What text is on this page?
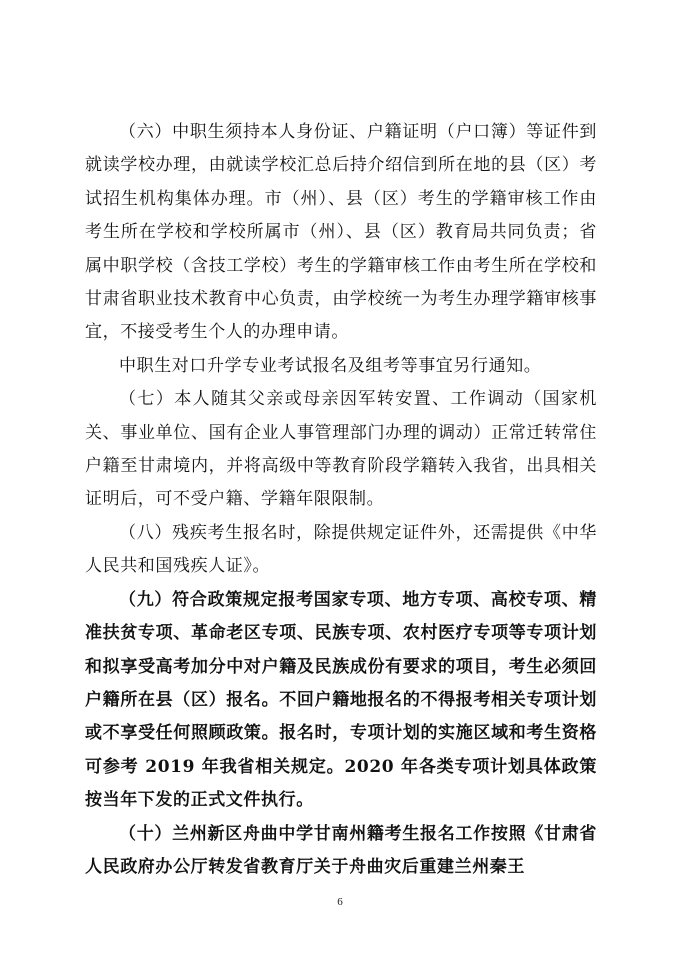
（六）中职生须持本人身份证、户籍证明（户口簿）等证件到就读学校办理，由就读学校汇总后持介绍信到所在地的县（区）考试招生机构集体办理。市（州）、县（区）考生的学籍审核工作由考生所在学校和学校所属市（州）、县（区）教育局共同负责；省属中职学校（含技工学校）考生的学籍审核工作由考生所在学校和甘肃省职业技术教育中心负责，由学校统一为考生办理学籍审核事宜，不接受考生个人的办理申请。

中职生对口升学专业考试报名及组考等事宜另行通知。

（七）本人随其父亲或母亲因军转安置、工作调动（国家机关、事业单位、国有企业人事管理部门办理的调动）正常迁转常住户籍至甘肃境内，并将高级中等教育阶段学籍转入我省，出具相关证明后，可不受户籍、学籍年限限制。

（八）残疾考生报名时，除提供规定证件外，还需提供《中华人民共和国残疾人证》。

（九）符合政策规定报考国家专项、地方专项、高校专项、精准扶贫专项、革命老区专项、民族专项、农村医疗专项等专项计划和拟享受高考加分中对户籍及民族成份有要求的项目，考生必须回户籍所在县（区）报名。不回户籍地报名的不得报考相关专项计划或不享受任何照顾政策。报名时，专项计划的实施区域和考生资格可参考 2019 年我省相关规定。2020 年各类专项计划具体政策按当年下发的正式文件执行。

（十）兰州新区舟曲中学甘南州籍考生报名工作按照《甘肃省人民政府办公厅转发省教育厅关于舟曲灾后重建兰州秦王

6
